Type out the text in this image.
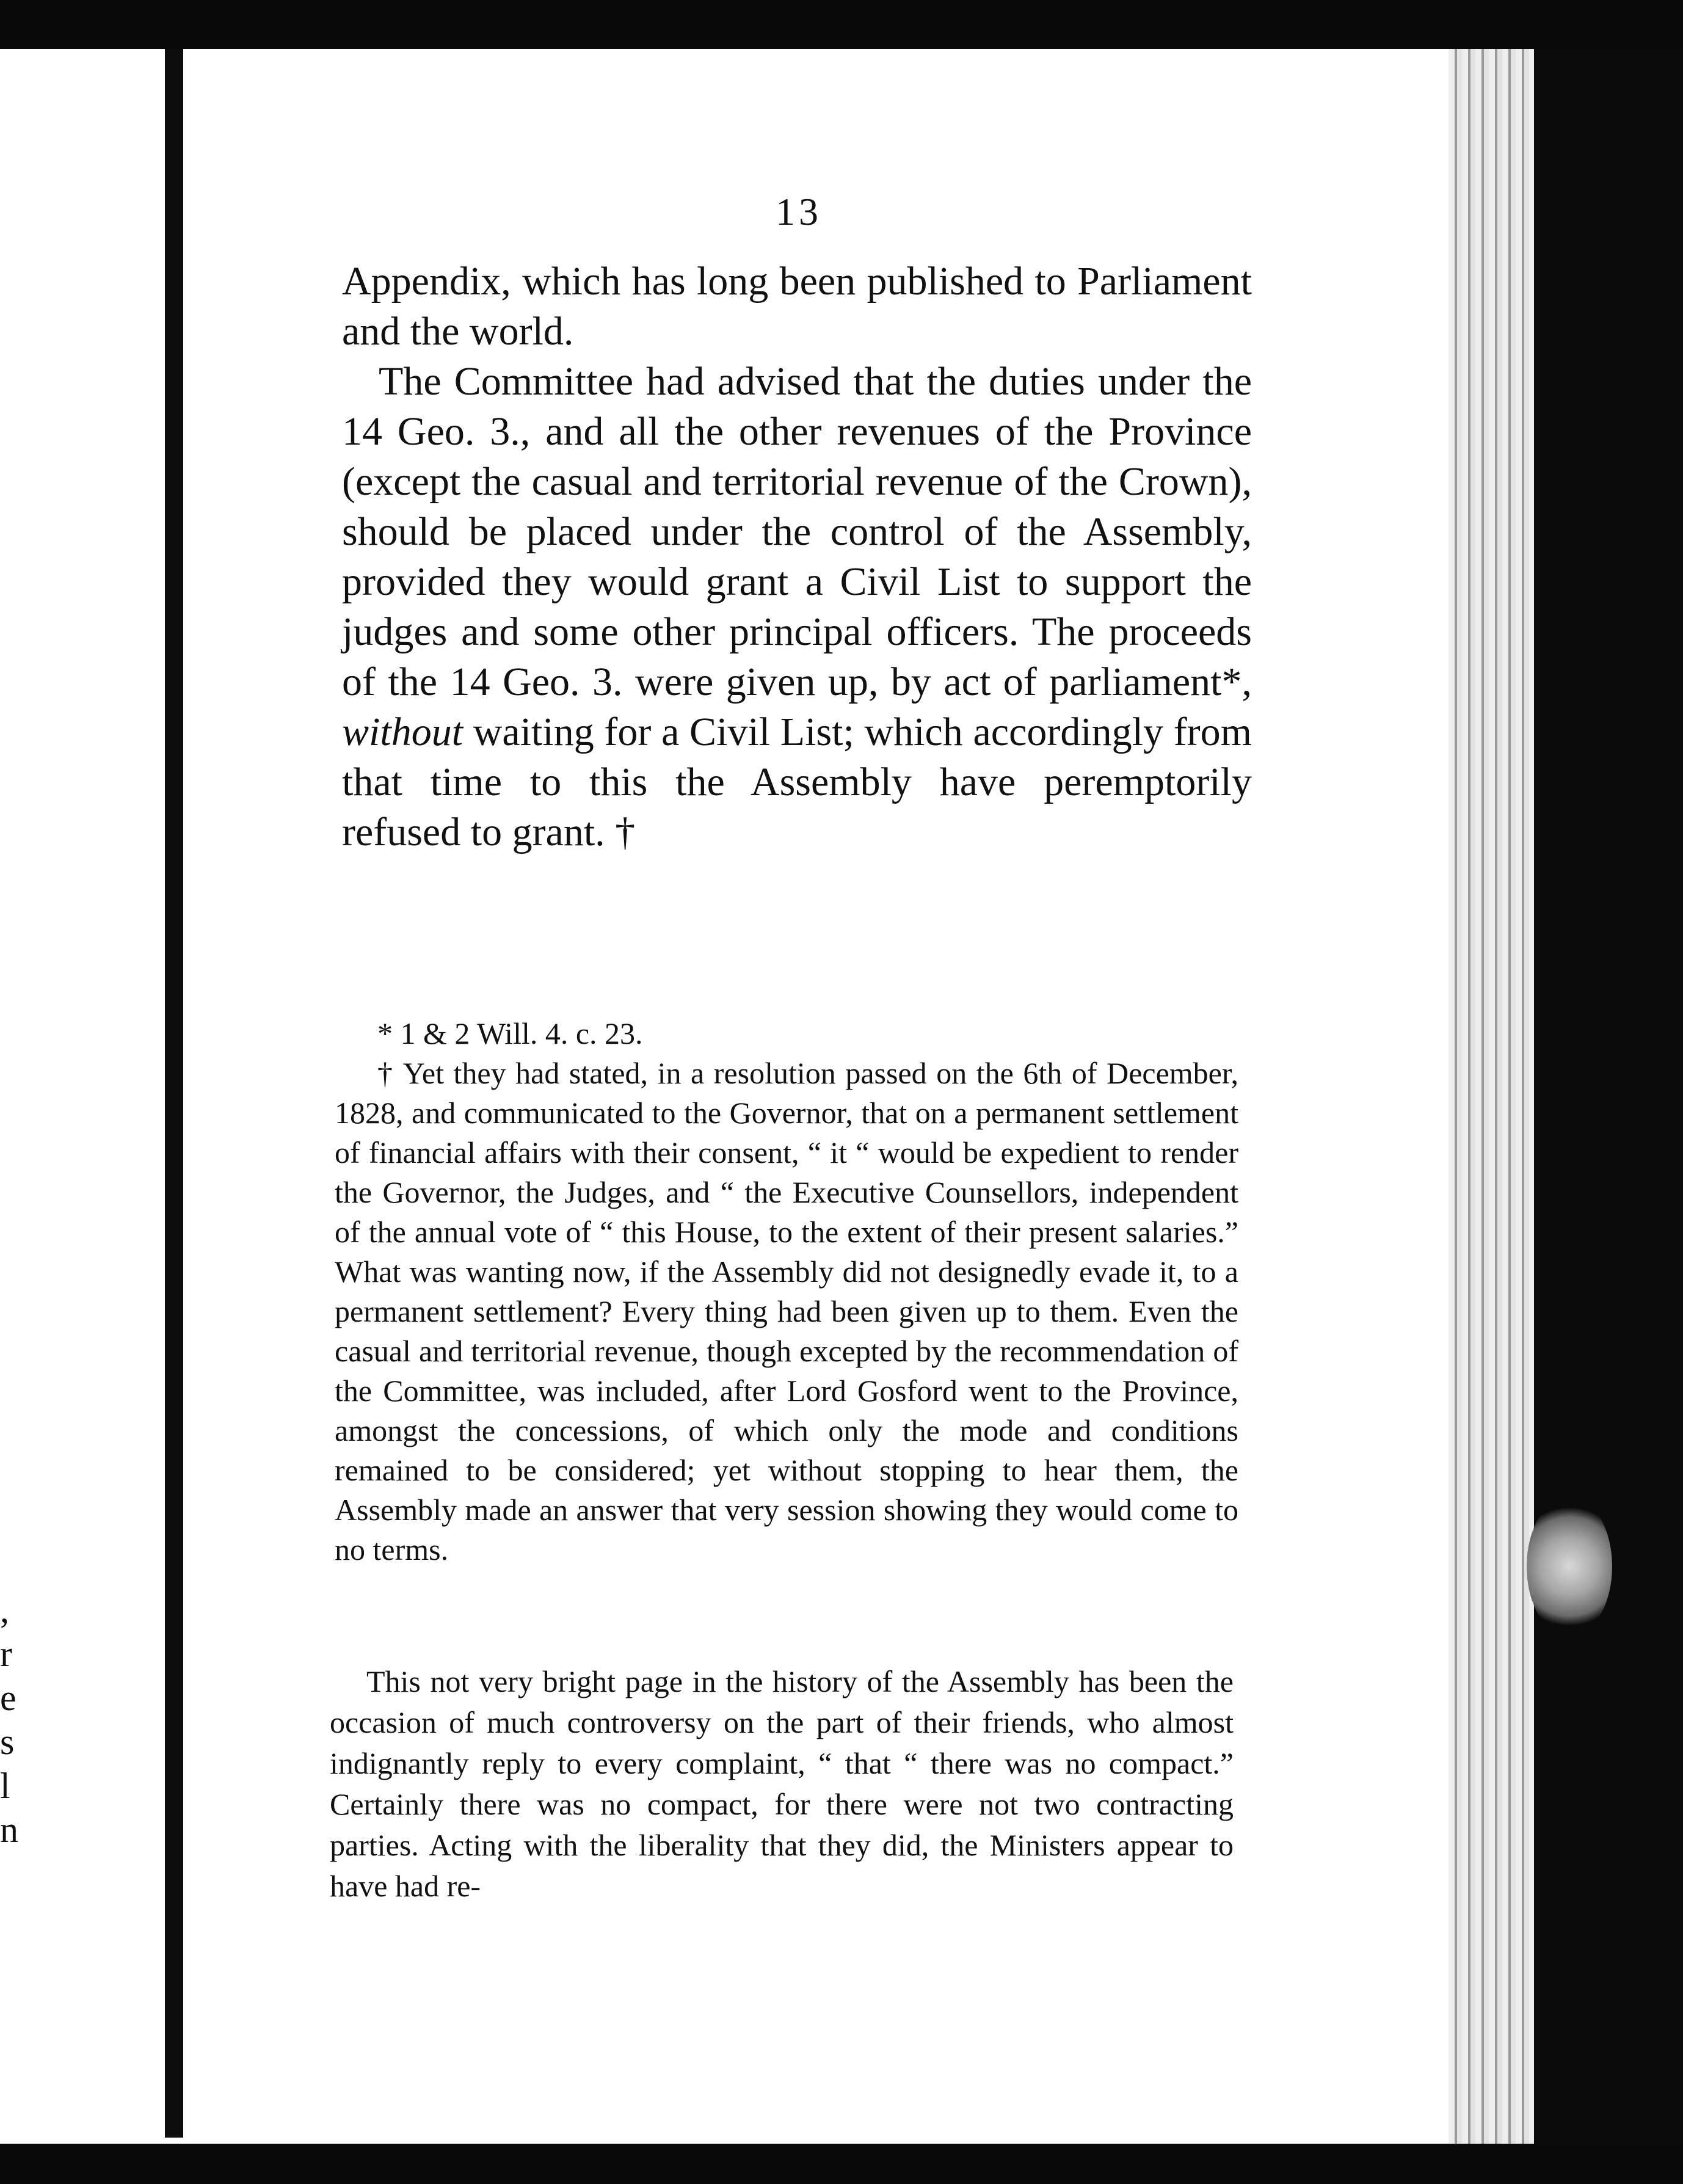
,
r
e
s
l
n
13

Appendix, which has long been published to Parliament and the world.

The Committee had advised that the duties under the 14 Geo. 3., and all the other revenues of the Province (except the casual and territorial revenue of the Crown), should be placed under the control of the Assembly, provided they would grant a Civil List to support the judges and some other principal officers. The proceeds of the 14 Geo. 3. were given up, by act of parliament*, without waiting for a Civil List; which accordingly from that time to this the Assembly have peremptorily refused to grant. †

* 1 & 2 Will. 4. c. 23.

† Yet they had stated, in a resolution passed on the 6th of December, 1828, and communicated to the Governor, that on a permanent settlement of financial affairs with their consent, “ it “ would be expedient to render the Governor, the Judges, and “ the Executive Counsellors, independent of the annual vote of “ this House, to the extent of their present salaries.” What was wanting now, if the Assembly did not designedly evade it, to a permanent settlement? Every thing had been given up to them. Even the casual and territorial revenue, though excepted by the recommendation of the Committee, was included, after Lord Gosford went to the Province, amongst the concessions, of which only the mode and conditions remained to be considered; yet without stopping to hear them, the Assembly made an answer that very session showing they would come to no terms.

This not very bright page in the history of the Assembly has been the occasion of much controversy on the part of their friends, who almost indignantly reply to every complaint, “ that “ there was no compact.” Certainly there was no compact, for there were not two contracting parties. Acting with the liberality that they did, the Ministers appear to have had re-
